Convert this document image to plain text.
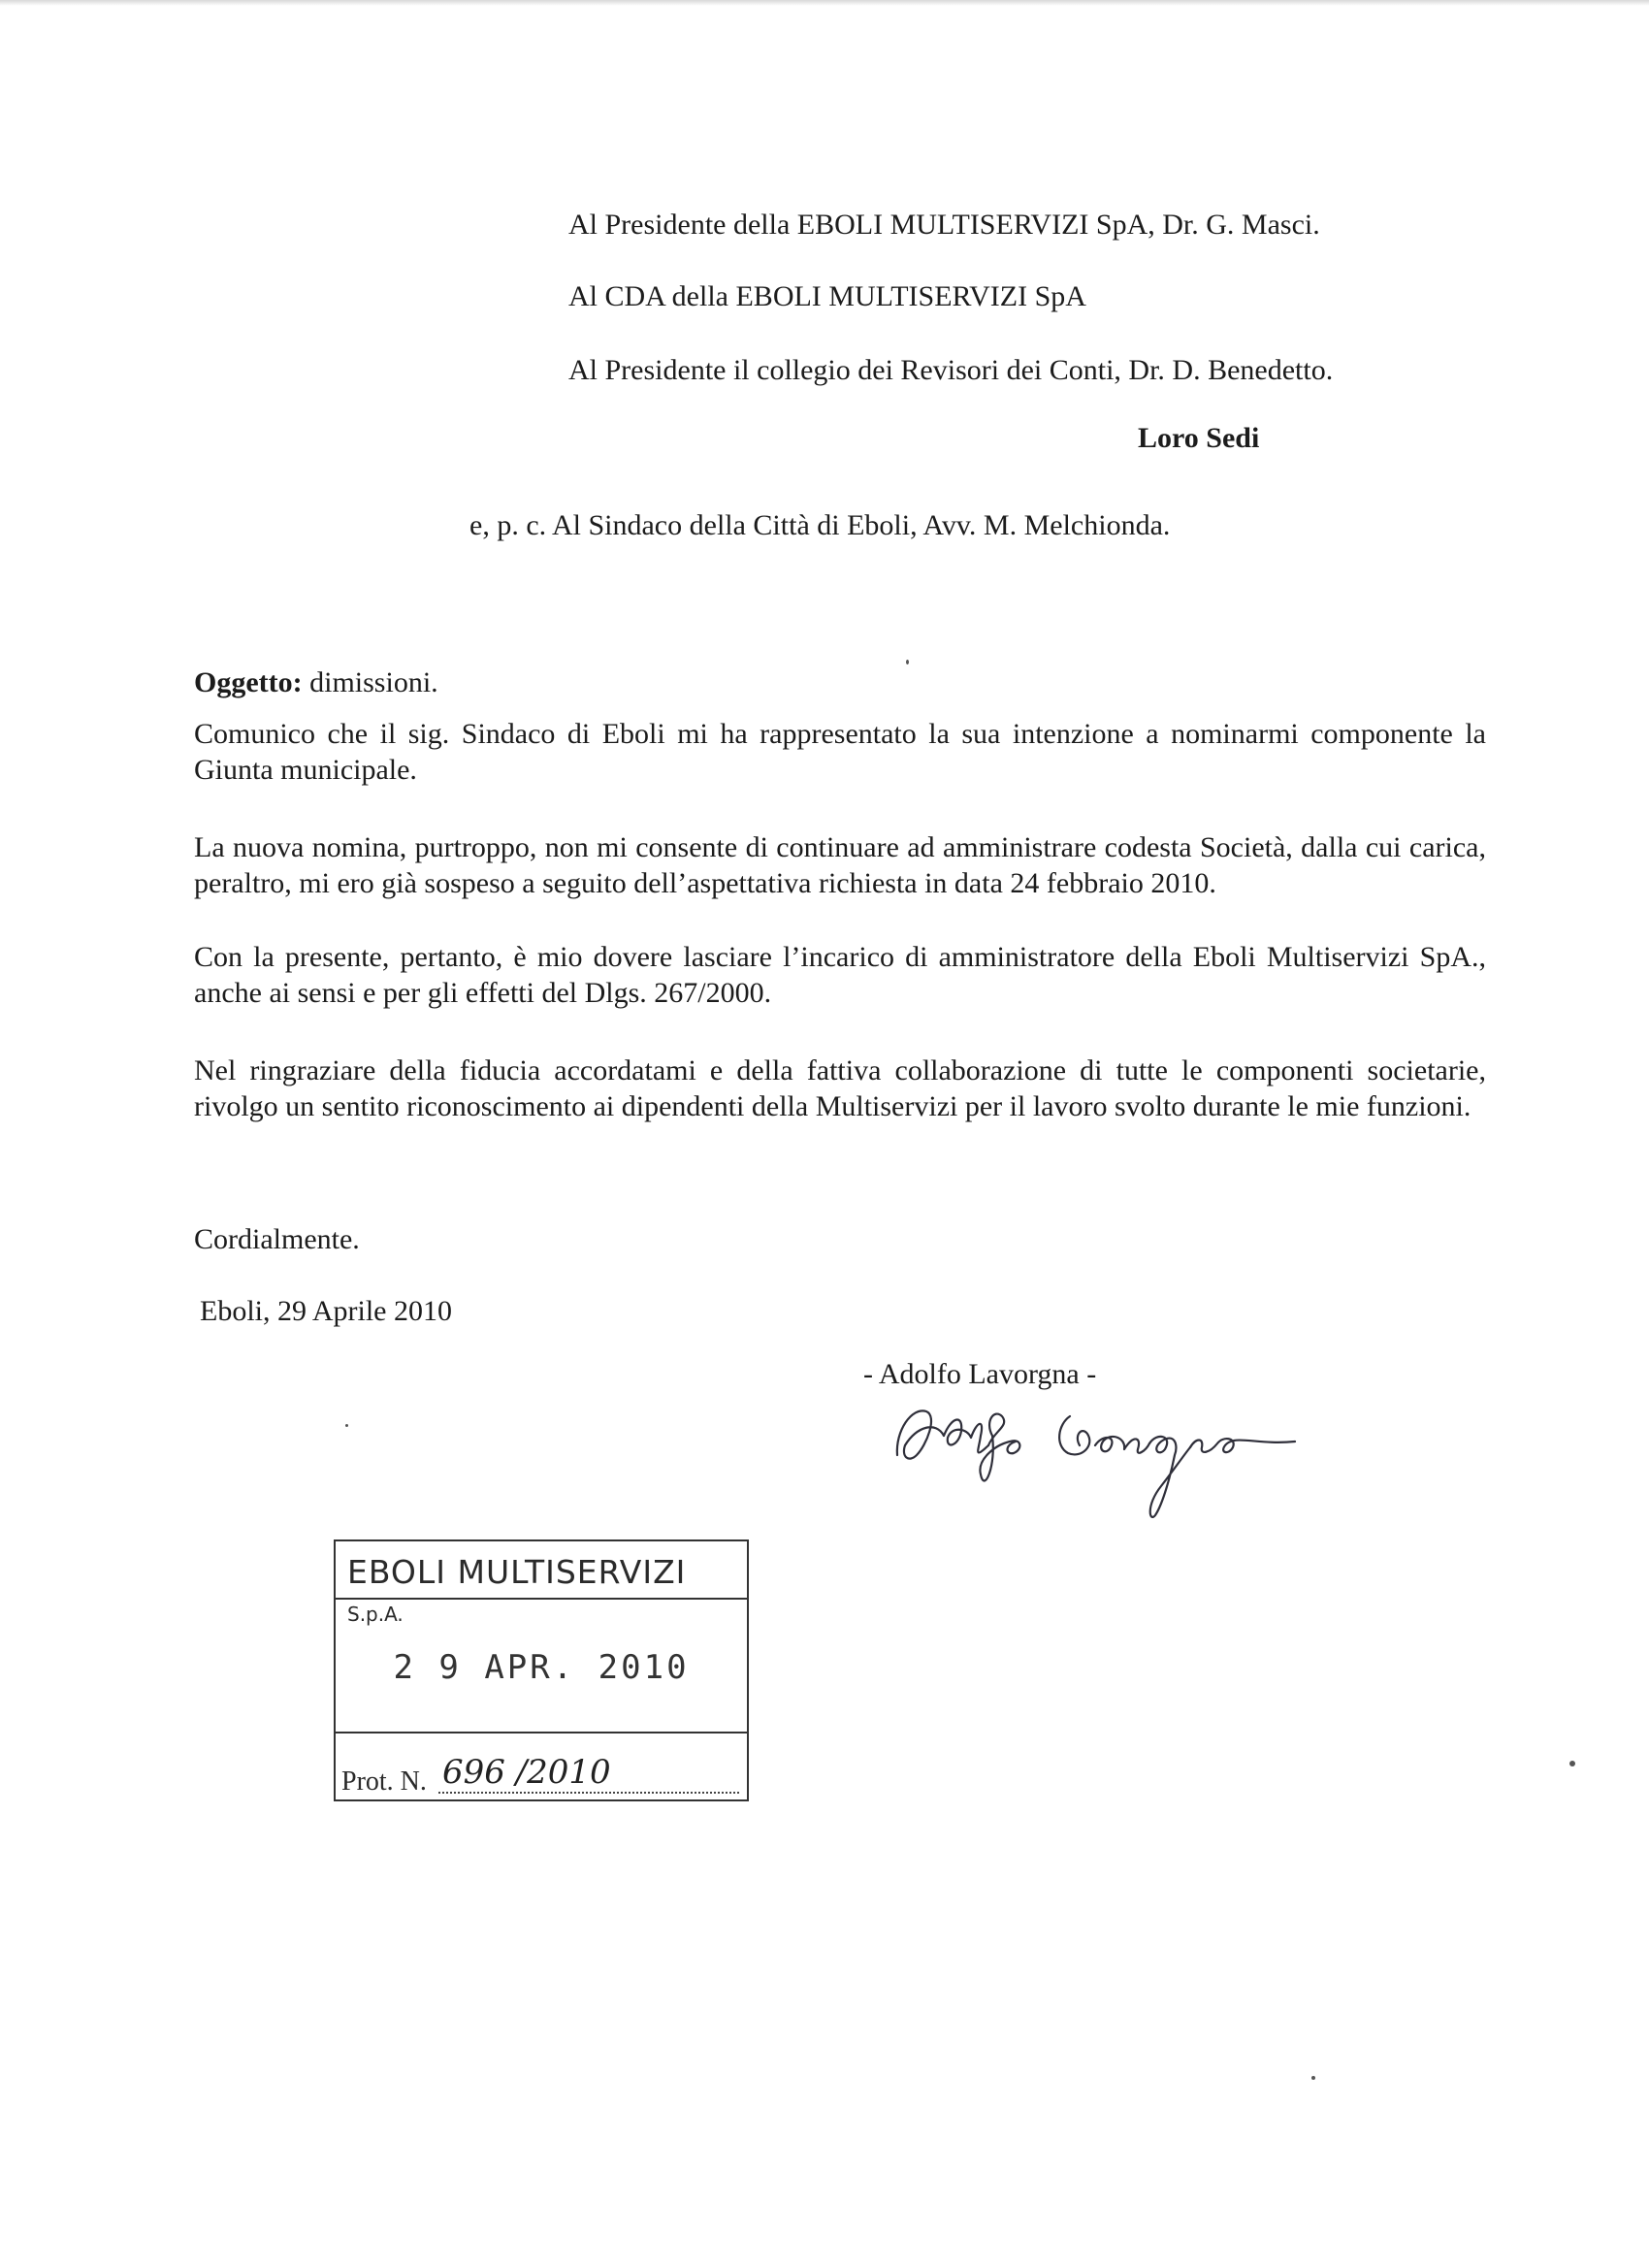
Al Presidente della EBOLI MULTISERVIZI SpA, Dr. G. Masci.
Al CDA della EBOLI MULTISERVIZI SpA
Al Presidente il collegio dei Revisori dei Conti, Dr. D. Benedetto.
Loro Sedi
e, p. c. Al Sindaco della Città di Eboli, Avv. M. Melchionda.
Oggetto: dimissioni.
Comunico che il sig. Sindaco di Eboli mi ha rappresentato la sua intenzione a nominarmi componente la Giunta municipale.
La nuova nomina, purtroppo, non mi consente di continuare ad amministrare codesta Società, dalla cui carica, peraltro, mi ero già sospeso a seguito dell’aspettativa richiesta in data 24 febbraio 2010.
Con la presente, pertanto, è mio dovere lasciare l’incarico di amministratore della Eboli Multiservizi SpA., anche ai sensi e per gli effetti del Dlgs. 267/2000.
Nel ringraziare della fiducia accordatami e della fattiva collaborazione di tutte le componenti societarie, rivolgo un sentito riconoscimento ai dipendenti della Multiservizi per il lavoro svolto durante le mie funzioni.
Cordialmente.
Eboli, 29 Aprile 2010
- Adolfo Lavorgna -
EBOLI MULTISERVIZI S.p.A.
2 9 APR. 2010
Prot. N. 696 /2010
